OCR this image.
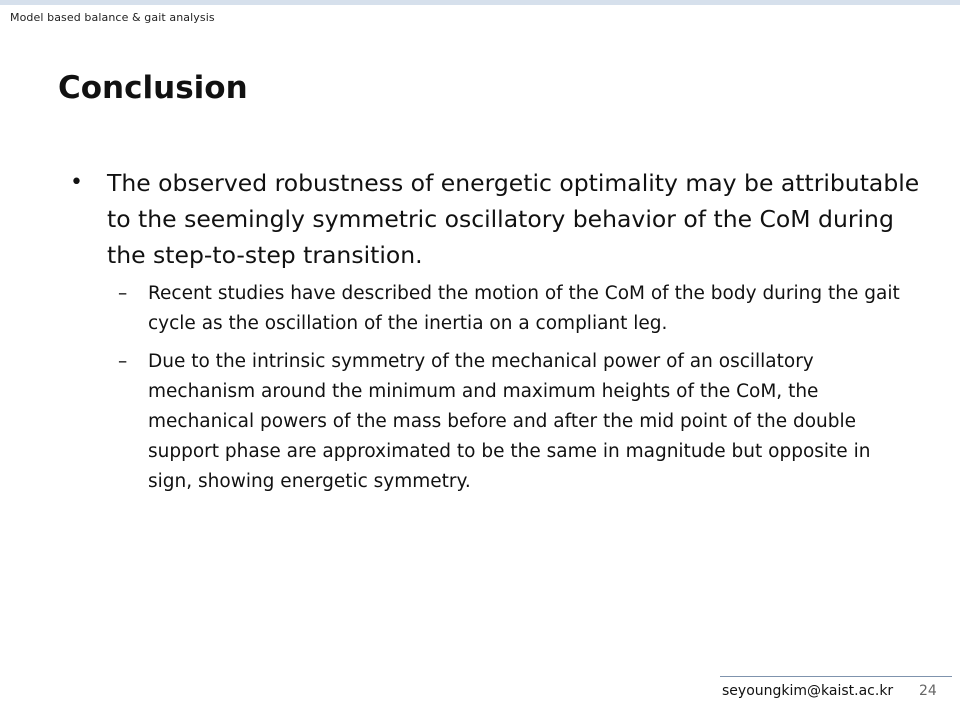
Model based balance & gait analysis
Conclusion
• The observed robustness of energetic optimality may be attributable to the seemingly symmetric oscillatory behavior of the CoM during the step-to-step transition.
– Recent studies have described the motion of the CoM of the body during the gait cycle as the oscillation of the inertia on a compliant leg.
– Due to the intrinsic symmetry of the mechanical power of an oscillatory mechanism around the minimum and maximum heights of the CoM, the mechanical powers of the mass before and after the mid point of the double support phase are approximated to be the same in magnitude but opposite in sign, showing energetic symmetry.
seyoungkim@kaist.ac.kr 24
